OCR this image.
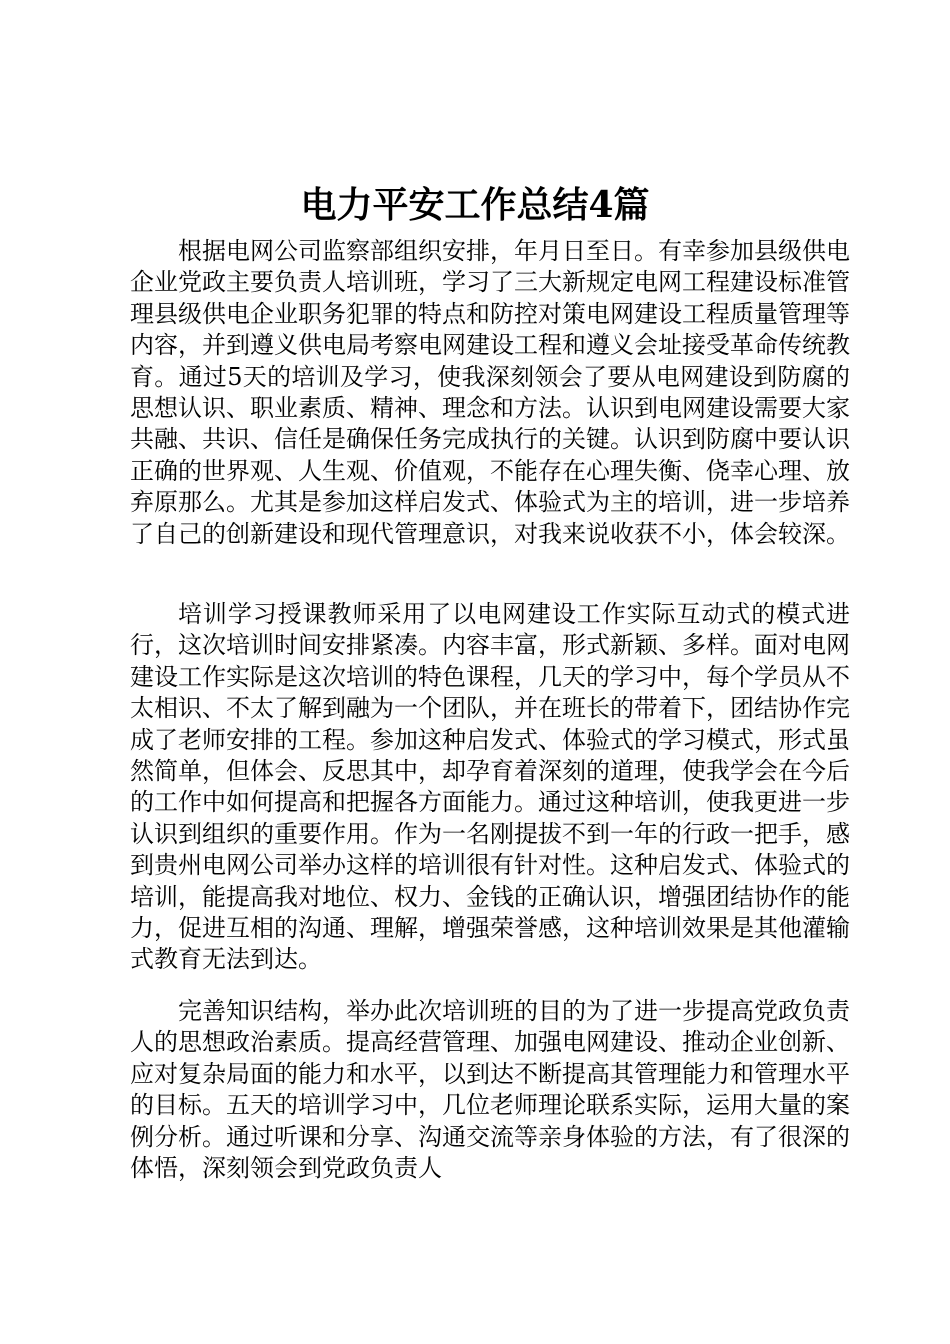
电力平安工作总结4篇

根据电网公司监察部组织安排，年月日至日。有幸参加县级供电企业党政主要负责人培训班，学习了三大新规定电网工程建设标准管理县级供电企业职务犯罪的特点和防控对策电网建设工程质量管理等内容，并到遵义供电局考察电网建设工程和遵义会址接受革命传统教育。通过5天的培训及学习，使我深刻领会了要从电网建设到防腐的思想认识、职业素质、精神、理念和方法。认识到电网建设需要大家共融、共识、信任是确保任务完成执行的关键。认识到防腐中要认识正确的世界观、人生观、价值观，不能存在心理失衡、侥幸心理、放弃原那么。尤其是参加这样启发式、体验式为主的培训，进一步培养了自己的创新建设和现代管理意识，对我来说收获不小，体会较深。

培训学习授课教师采用了以电网建设工作实际互动式的模式进行，这次培训时间安排紧凑。内容丰富，形式新颖、多样。面对电网建设工作实际是这次培训的特色课程，几天的学习中，每个学员从不太相识、不太了解到融为一个团队，并在班长的带着下，团结协作完成了老师安排的工程。参加这种启发式、体验式的学习模式，形式虽然简单，但体会、反思其中，却孕育着深刻的道理，使我学会在今后的工作中如何提高和把握各方面能力。通过这种培训，使我更进一步认识到组织的重要作用。作为一名刚提拔不到一年的行政一把手，感到贵州电网公司举办这样的培训很有针对性。这种启发式、体验式的培训，能提高我对地位、权力、金钱的正确认识，增强团结协作的能力，促进互相的沟通、理解，增强荣誉感，这种培训效果是其他灌输式教育无法到达。

完善知识结构，举办此次培训班的目的为了进一步提高党政负责人的思想政治素质。提高经营管理、加强电网建设、推动企业创新、应对复杂局面的能力和水平，以到达不断提高其管理能力和管理水平的目标。五天的培训学习中，几位老师理论联系实际，运用大量的案例分析。通过听课和分享、沟通交流等亲身体验的方法，有了很深的体悟，深刻领会到党政负责人
